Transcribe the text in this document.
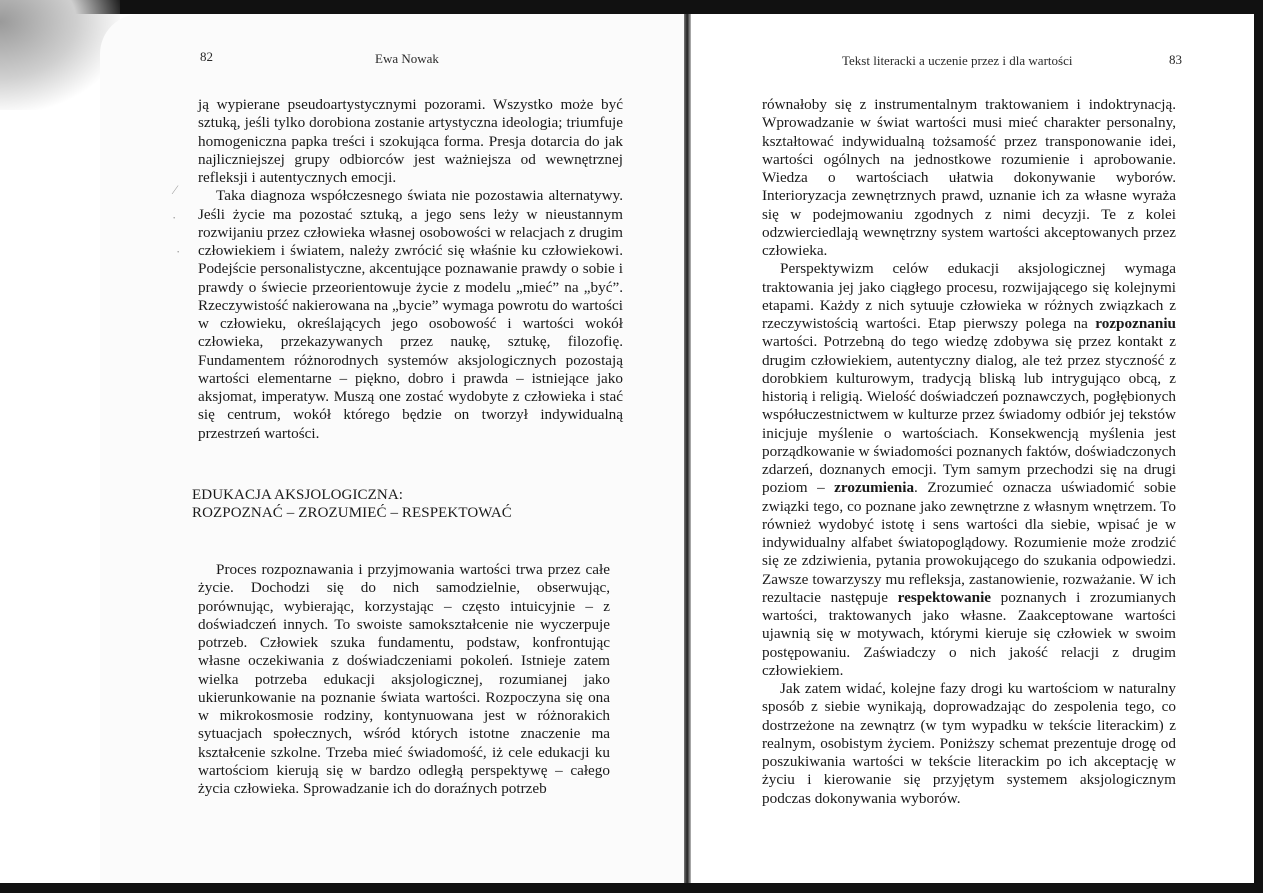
82	Ewa Nowak
⁄
·
·

ją wypierane pseudoartystycznymi pozorami. Wszystko może być sztuką, jeśli tylko dorobiona zostanie artystyczna ideologia; triumfuje homogeniczna papka treści i szokująca forma. Presja dotarcia do jak najliczniejszej grupy odbiorców jest ważniejsza od wewnętrznej refleksji i autentycznych emocji.

Taka diagnoza współczesnego świata nie pozostawia alternatywy. Jeśli życie ma pozostać sztuką, a jego sens leży w nieustannym rozwijaniu przez człowieka własnej osobowości w relacjach z drugim człowiekiem i światem, należy zwrócić się właśnie ku człowiekowi. Podejście personalistyczne, akcentujące poznawanie prawdy o sobie i prawdy o świecie przeorientowuje życie z modelu „mieć” na „być”. Rzeczywistość nakierowana na „bycie” wymaga powrotu do wartości w człowieku, określających jego osobowość i wartości wokół człowieka, przekazywanych przez naukę, sztukę, filozofię. Fundamentem różnorodnych systemów aksjologicznych pozostają wartości elementarne – piękno, dobro i prawda – istniejące jako aksjomat, imperatyw. Muszą one zostać wydobyte z człowieka i stać się centrum, wokół którego będzie on tworzył indywidualną przestrzeń wartości.

EDUKACJA AKSJOLOGICZNA:
ROZPOZNAĆ – ZROZUMIEĆ – RESPEKTOWAĆ

Proces rozpoznawania i przyjmowania wartości trwa przez całe życie. Dochodzi się do nich samodzielnie, obserwując, porównując, wybierając, korzystając – często intuicyjnie – z doświadczeń innych. To swoiste samokształcenie nie wyczerpuje potrzeb. Człowiek szuka fundamentu, podstaw, konfrontując własne oczekiwania z doświadczeniami pokoleń. Istnieje zatem wielka potrzeba edukacji aksjologicznej, rozumianej jako ukierunkowanie na poznanie świata wartości. Rozpoczyna się ona w mikrokosmosie rodziny, kontynuowana jest w różnorakich sytuacjach społecznych, wśród których istotne znaczenie ma kształcenie szkolne. Trzeba mieć świadomość, iż cele edukacji ku wartościom kierują się w bardzo odległą perspektywę – całego życia człowieka. Sprowadzanie ich do doraźnych potrzeb

Tekst literacki a uczenie przez i dla wartości	83

równałoby się z instrumentalnym traktowaniem i indoktrynacją. Wprowadzanie w świat wartości musi mieć charakter personalny, kształtować indywidualną tożsamość przez transponowanie idei, wartości ogólnych na jednostkowe rozumienie i aprobowanie. Wiedza o wartościach ułatwia dokonywanie wyborów. Interioryzacja zewnętrznych prawd, uznanie ich za własne wyraża się w podejmowaniu zgodnych z nimi decyzji. Te z kolei odzwierciedlają wewnętrzny system wartości akceptowanych przez człowieka.

Perspektywizm celów edukacji aksjologicznej wymaga traktowania jej jako ciągłego procesu, rozwijającego się kolejnymi etapami. Każdy z nich sytuuje człowieka w różnych związkach z rzeczywistością wartości. Etap pierwszy polega na rozpoznaniu wartości. Potrzebną do tego wiedzę zdobywa się przez kontakt z drugim człowiekiem, autentyczny dialog, ale też przez styczność z dorobkiem kulturowym, tradycją bliską lub intrygująco obcą, z historią i religią. Wielość doświadczeń poznawczych, pogłębionych współuczestnictwem w kulturze przez świadomy odbiór jej tekstów inicjuje myślenie o wartościach. Konsekwencją myślenia jest porządkowanie w świadomości poznanych faktów, doświadczonych zdarzeń, doznanych emocji. Tym samym przechodzi się na drugi poziom – zrozumienia. Zrozumieć oznacza uświadomić sobie związki tego, co poznane jako zewnętrzne z własnym wnętrzem. To również wydobyć istotę i sens wartości dla siebie, wpisać je w indywidualny alfabet światopoglądowy. Rozumienie może zrodzić się ze zdziwienia, pytania prowokującego do szukania odpowiedzi. Zawsze towarzyszy mu refleksja, zastanowienie, rozważanie. W ich rezultacie następuje respektowanie poznanych i zrozumianych wartości, traktowanych jako własne. Zaakceptowane wartości ujawnią się w motywach, którymi kieruje się człowiek w swoim postępowaniu. Zaświadczy o nich jakość relacji z drugim człowiekiem.

Jak zatem widać, kolejne fazy drogi ku wartościom w naturalny sposób z siebie wynikają, doprowadzając do zespolenia tego, co dostrzeżone na zewnątrz (w tym wypadku w tekście literackim) z realnym, osobistym życiem. Poniższy schemat prezentuje drogę od poszukiwania wartości w tekście literackim po ich akceptację w życiu i kierowanie się przyjętym systemem aksjologicznym podczas dokonywania wyborów.
